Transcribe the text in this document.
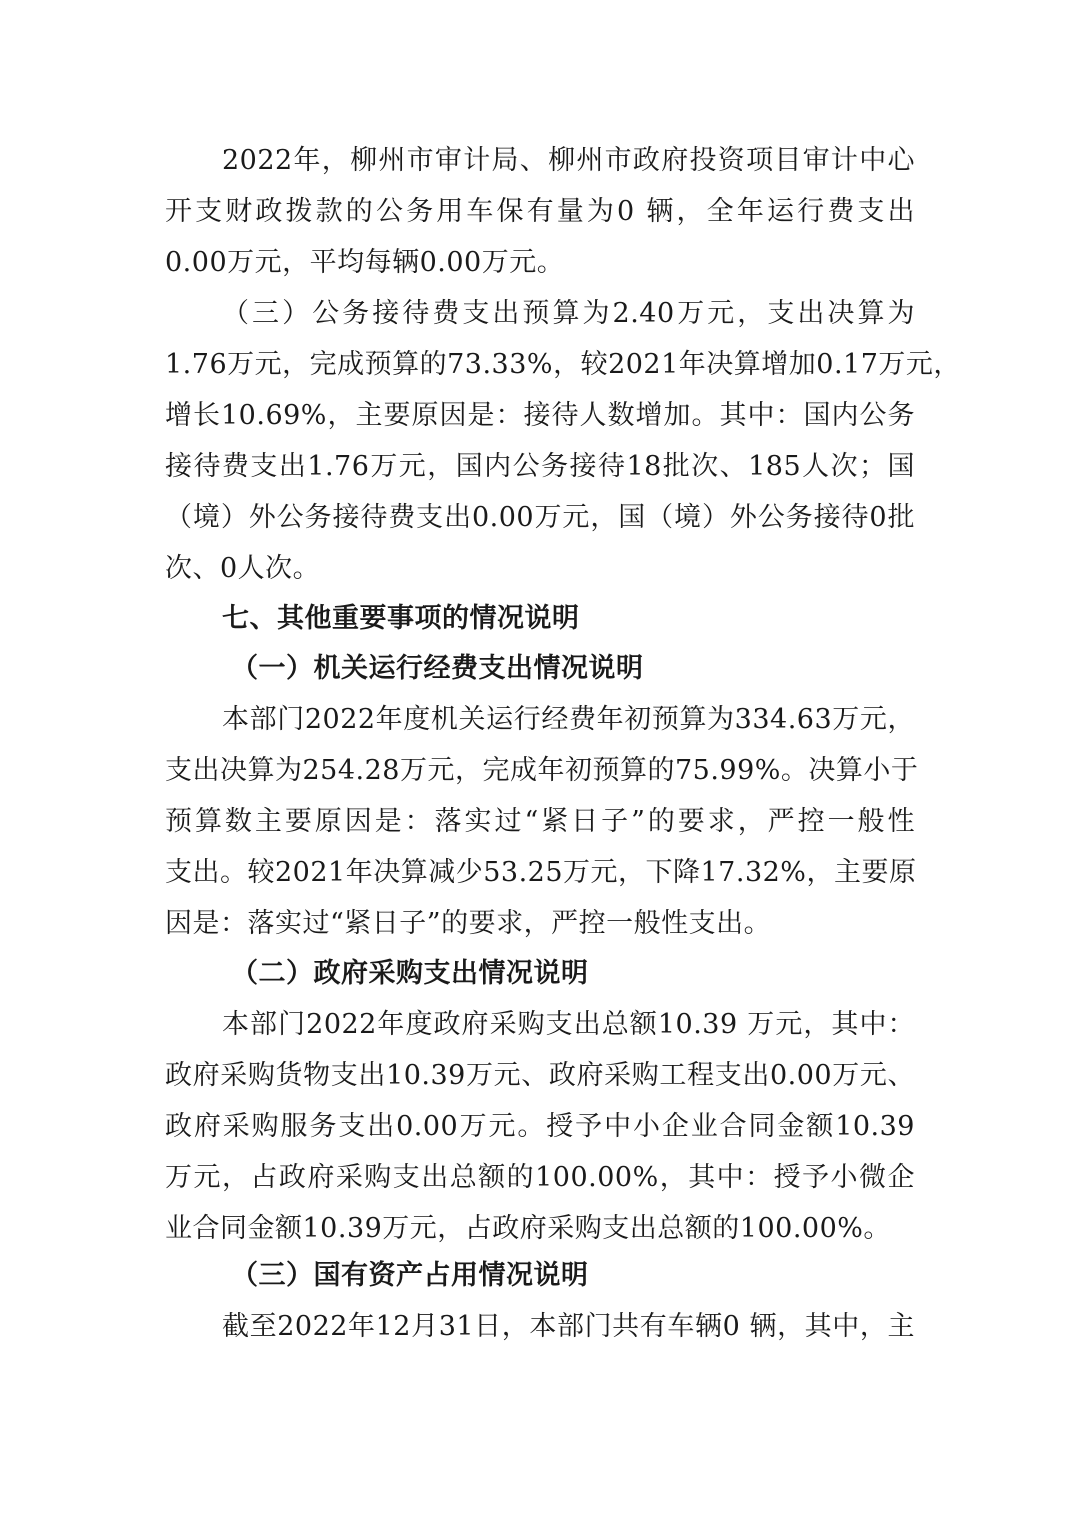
2022年，柳州市审计局、柳州市政府投资项目审计中心
开支财政拨款的公务用车保有量为0 辆，全年运行费支出
0.00万元，平均每辆0.00万元。
（三）公务接待费支出预算为2.40万元，支出决算为
1.76万元，完成预算的73.33%，较2021年决算增加0.17万元，
增长10.69%，主要原因是：接待人数增加。其中：国内公务
接待费支出1.76万元，国内公务接待18批次、185人次；国
（境）外公务接待费支出0.00万元，国（境）外公务接待0批
次、0人次。
七、其他重要事项的情况说明
（一）机关运行经费支出情况说明
本部门2022年度机关运行经费年初预算为334.63万元，
支出决算为254.28万元，完成年初预算的75.99%。决算小于
预算数主要原因是：落实过“紧日子”的要求，严控一般性
支出。较2021年决算减少53.25万元，下降17.32%，主要原
因是：落实过“紧日子”的要求，严控一般性支出。
（二）政府采购支出情况说明
本部门2022年度政府采购支出总额10.39 万元，其中：
政府采购货物支出10.39万元、政府采购工程支出0.00万元、
政府采购服务支出0.00万元。授予中小企业合同金额10.39
万元，占政府采购支出总额的100.00%，其中：授予小微企
业合同金额10.39万元，占政府采购支出总额的100.00%。
（三）国有资产占用情况说明
截至2022年12月31日，本部门共有车辆0 辆，其中，主
